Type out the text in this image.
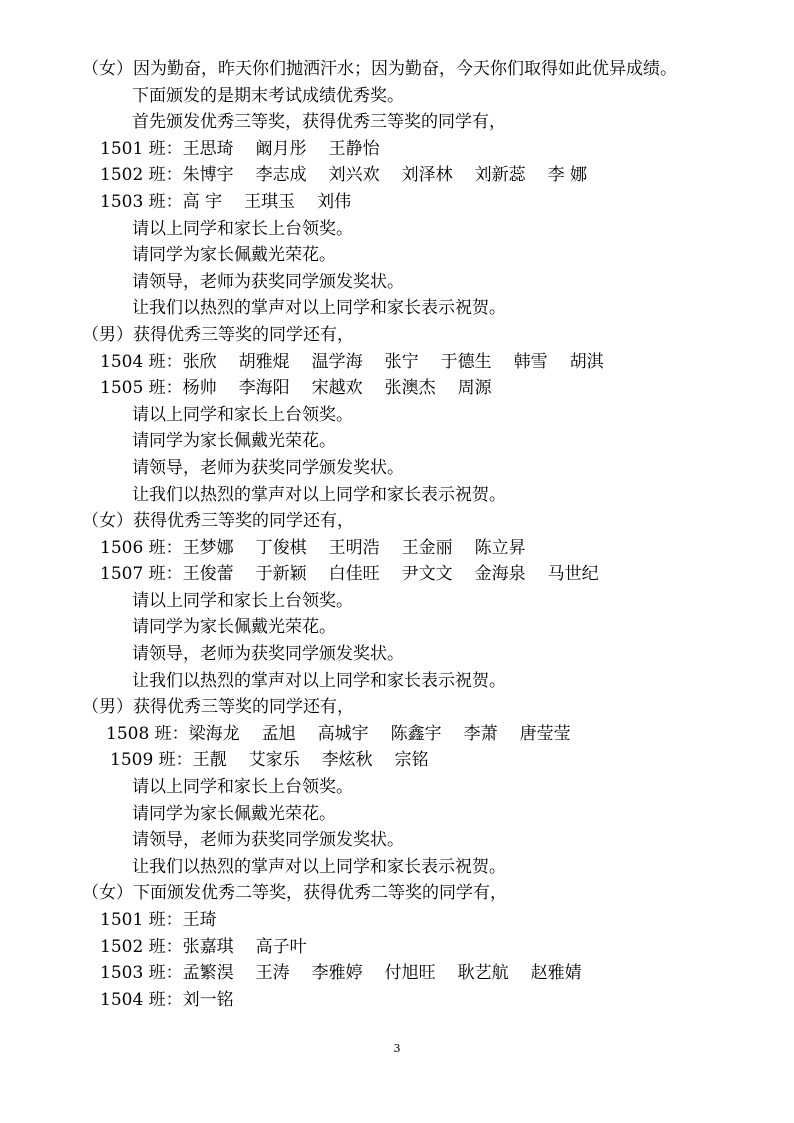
（女）因为勤奋，昨天你们抛洒汗水；因为勤奋，今天你们取得如此优异成绩。
下面颁发的是期末考试成绩优秀奖。
首先颁发优秀三等奖，获得优秀三等奖的同学有，
1501 班：王思琦 阚月彤 王静怡
1502 班：朱博宇 李志成 刘兴欢 刘泽林 刘新蕊 李 娜
1503 班：高 宇 王琪玉 刘伟
请以上同学和家长上台领奖。
请同学为家长佩戴光荣花。
请领导，老师为获奖同学颁发奖状。
让我们以热烈的掌声对以上同学和家长表示祝贺。
（男）获得优秀三等奖的同学还有，
1504 班：张欣 胡雅焜 温学海 张宁 于德生 韩雪 胡淇
1505 班：杨帅 李海阳 宋越欢 张澳杰 周源
请以上同学和家长上台领奖。
请同学为家长佩戴光荣花。
请领导，老师为获奖同学颁发奖状。
让我们以热烈的掌声对以上同学和家长表示祝贺。
（女）获得优秀三等奖的同学还有，
1506 班：王梦娜 丁俊棋 王明浩 王金丽 陈立昇
1507 班：王俊蕾 于新颖 白佳旺 尹文文 金海泉 马世纪
请以上同学和家长上台领奖。
请同学为家长佩戴光荣花。
请领导，老师为获奖同学颁发奖状。
让我们以热烈的掌声对以上同学和家长表示祝贺。
（男）获得优秀三等奖的同学还有，
1508 班：梁海龙 孟旭 高城宇 陈鑫宇 李萧 唐莹莹
1509 班：王靓 艾家乐 李炫秋 宗铭
请以上同学和家长上台领奖。
请同学为家长佩戴光荣花。
请领导，老师为获奖同学颁发奖状。
让我们以热烈的掌声对以上同学和家长表示祝贺。
（女）下面颁发优秀二等奖，获得优秀二等奖的同学有，
1501 班：王琦
1502 班：张嘉琪 高子叶
1503 班：孟繁淏 王涛 李雅婷 付旭旺 耿艺航 赵雅婧
1504 班：刘一铭
3
